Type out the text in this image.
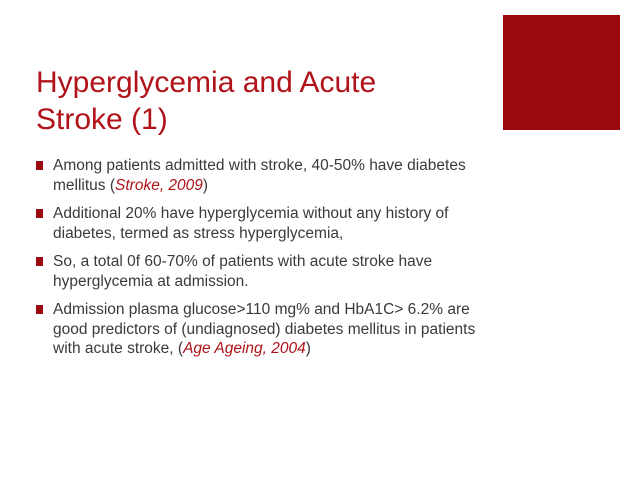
Hyperglycemia and Acute
Stroke (1)
Among patients admitted with stroke, 40-50% have diabetes mellitus (Stroke, 2009)
Additional 20% have hyperglycemia without any history of diabetes, termed as stress hyperglycemia,
So, a total 0f 60-70% of patients with acute stroke have hyperglycemia at admission.
Admission plasma glucose>110 mg% and HbA1C> 6.2% are good predictors of (undiagnosed) diabetes mellitus in patients with acute stroke, (Age Ageing, 2004)
